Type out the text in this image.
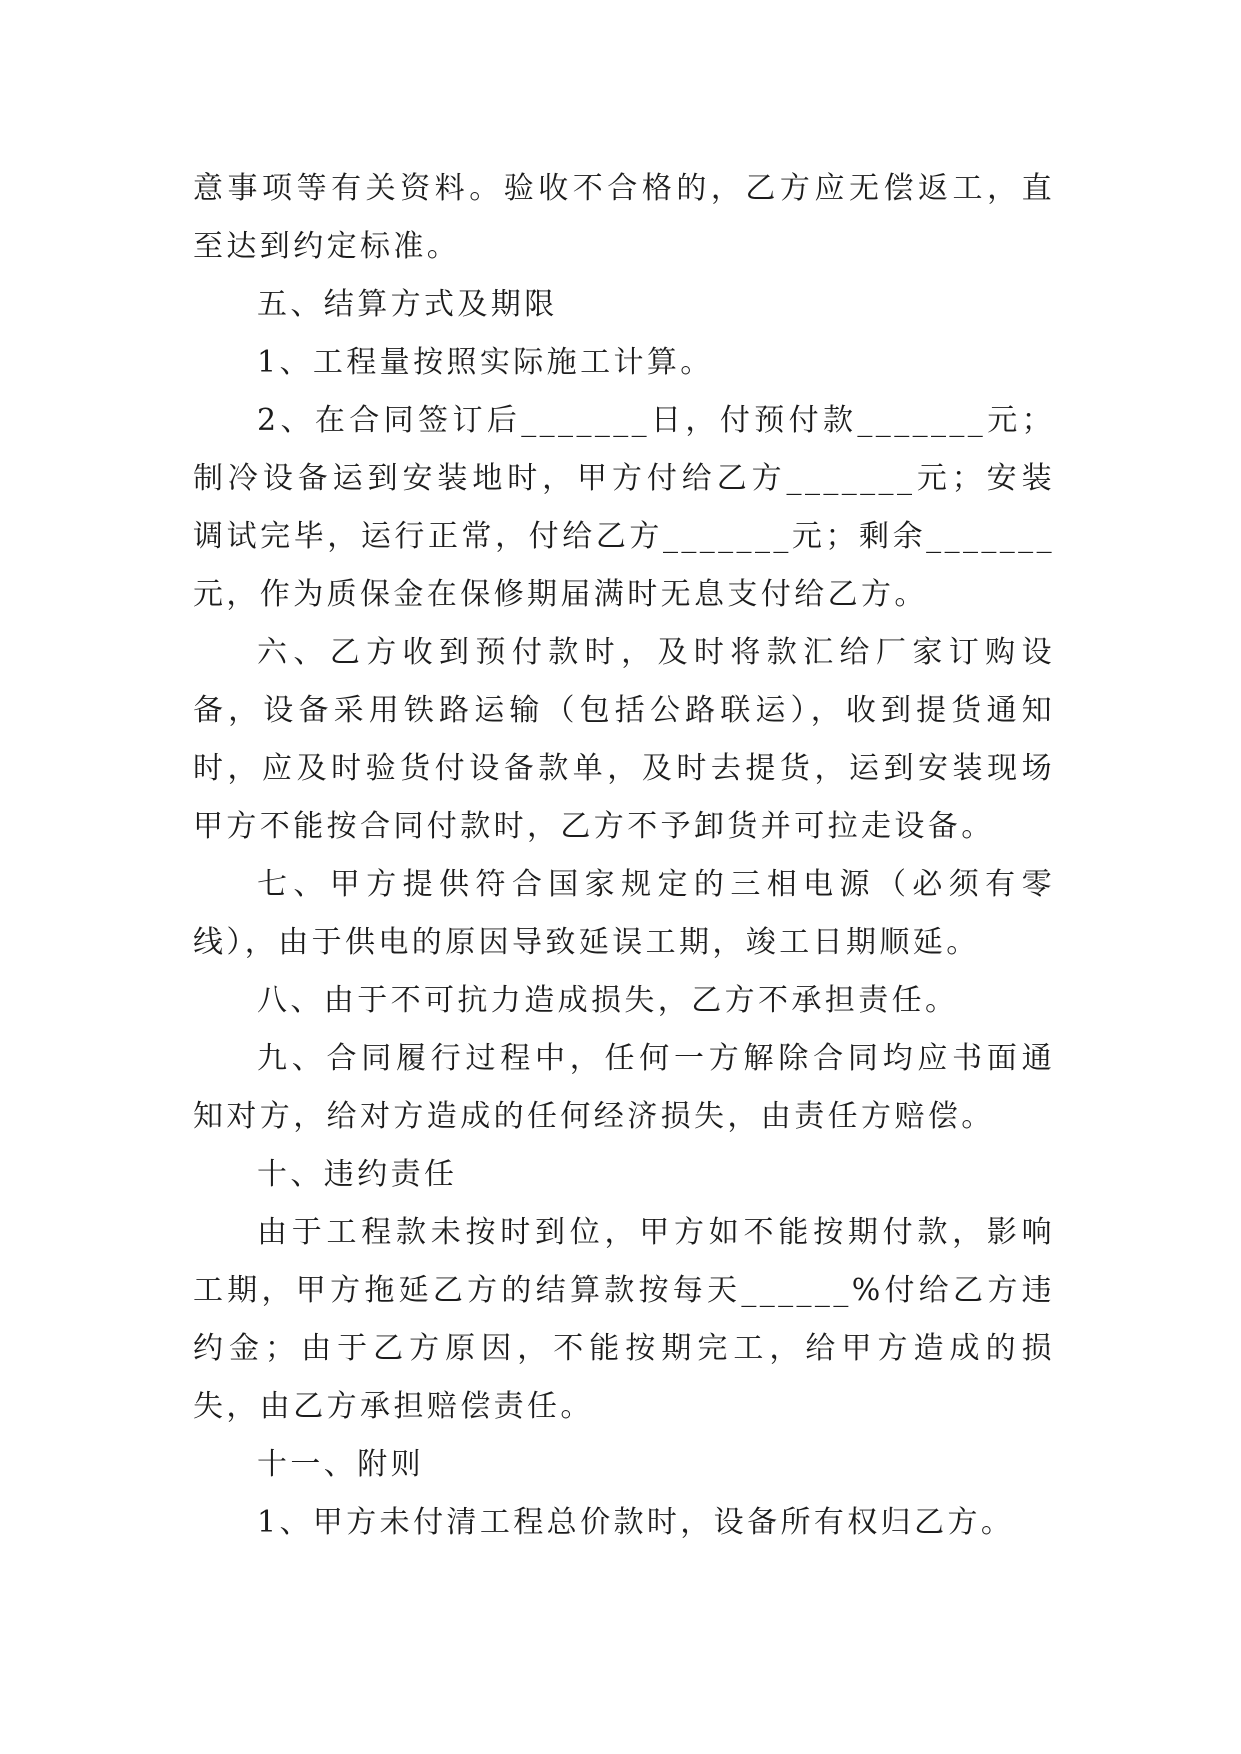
意事项等有关资料。验收不合格的，乙方应无偿返工，直至达到约定标准。

五、结算方式及期限

1、工程量按照实际施工计算。

2、在合同签订后_______日，付预付款_______元；制冷设备运到安装地时，甲方付给乙方_______元；安装调试完毕，运行正常，付给乙方_______元；剩余_______元，作为质保金在保修期届满时无息支付给乙方。

六、乙方收到预付款时，及时将款汇给厂家订购设备，设备采用铁路运输（包括公路联运），收到提货通知时，应及时验货付设备款单，及时去提货，运到安装现场甲方不能按合同付款时，乙方不予卸货并可拉走设备。

七、甲方提供符合国家规定的三相电源（必须有零线），由于供电的原因导致延误工期，竣工日期顺延。

八、由于不可抗力造成损失，乙方不承担责任。

九、合同履行过程中，任何一方解除合同均应书面通知对方，给对方造成的任何经济损失，由责任方赔偿。

十、违约责任

由于工程款未按时到位，甲方如不能按期付款，影响工期，甲方拖延乙方的结算款按每天______%付给乙方违约金；由于乙方原因，不能按期完工，给甲方造成的损失，由乙方承担赔偿责任。

十一、附则

1、甲方未付清工程总价款时，设备所有权归乙方。
